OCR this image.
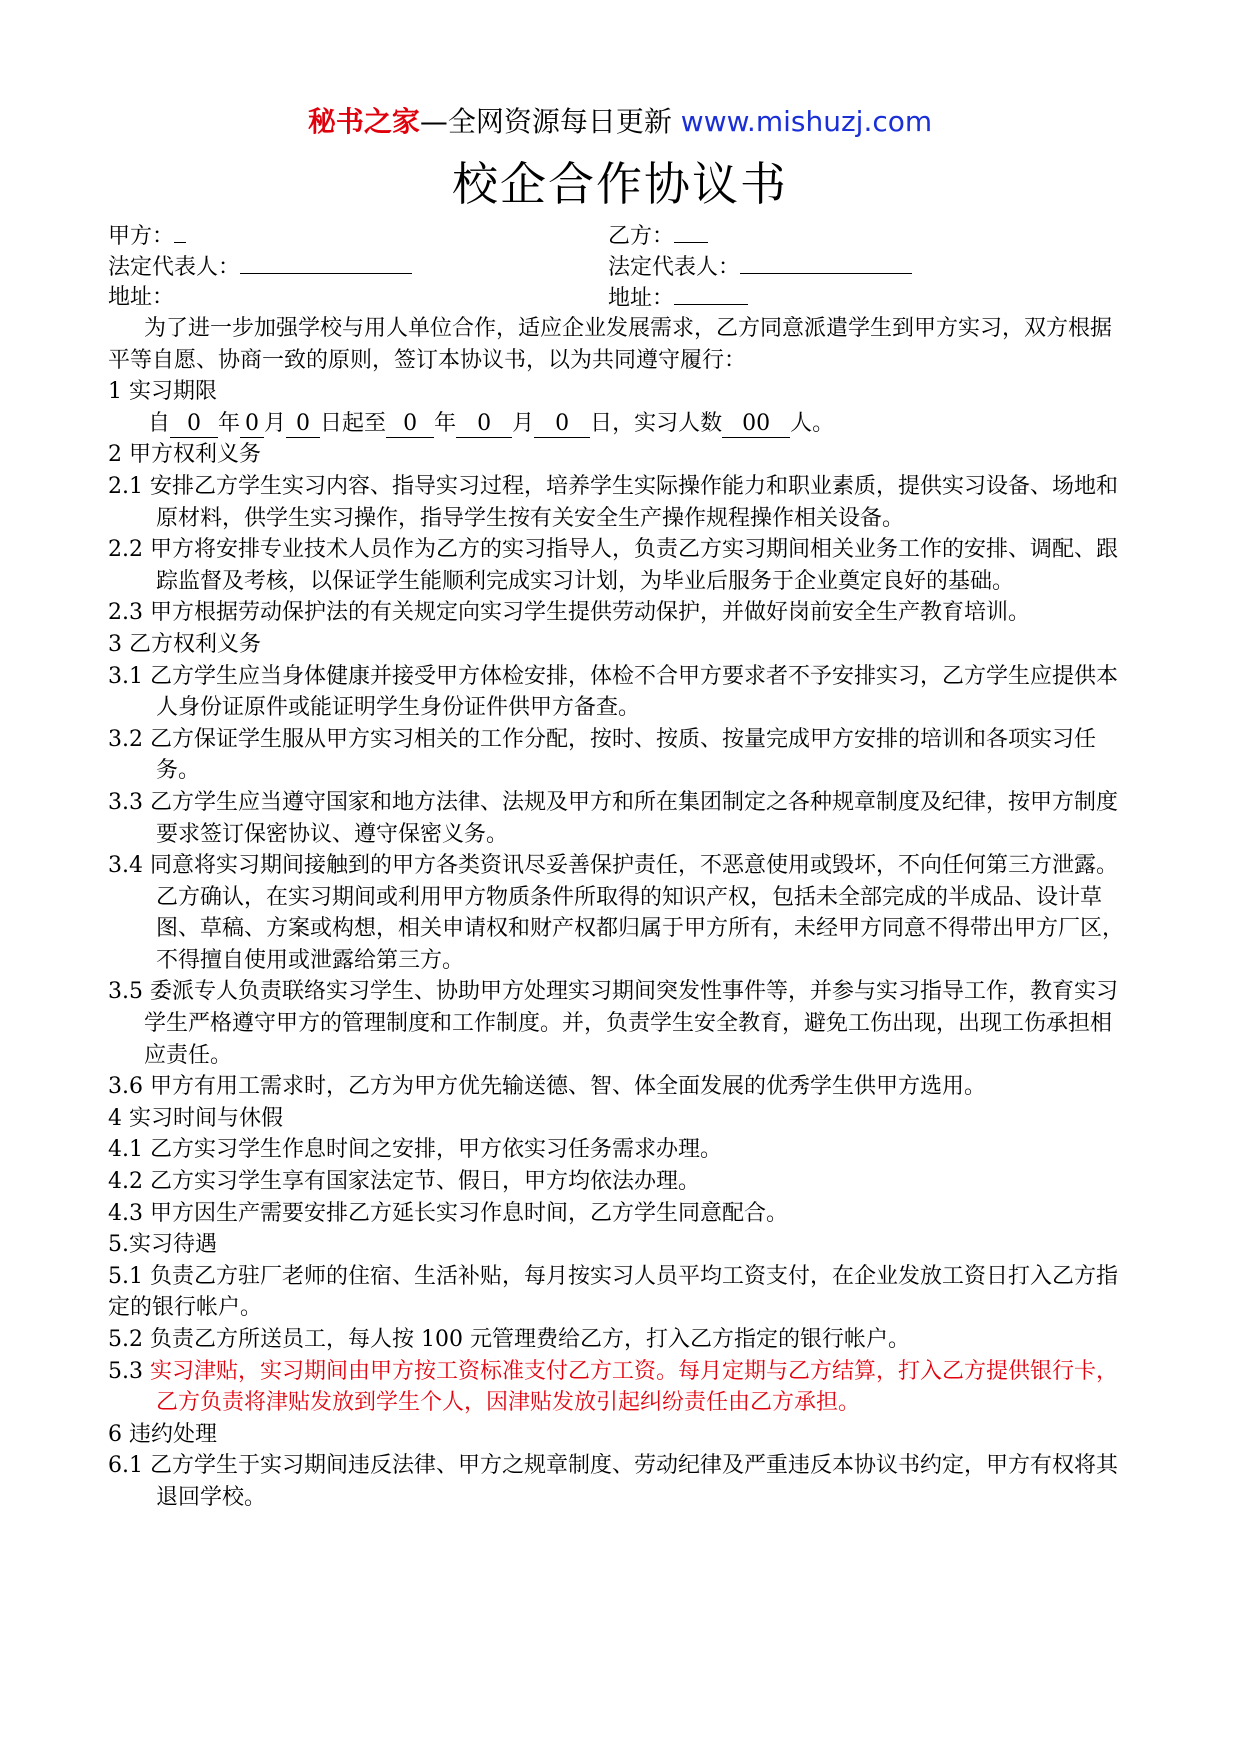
秘书之家—全网资源每日更新 www.mishuzj.com
校企合作协议书
甲方：	乙方：
法定代表人：	法定代表人：
地址：	地址：
为了进一步加强学校与用人单位合作，适应企业发展需求，乙方同意派遣学生到甲方实习，双方根据平等自愿、协商一致的原则，签订本协议书，以为共同遵守履行：
1 实习期限
自 0 年 0 月 0 日起至 0 年 0 月 0 日，实习人数 00 人。
2 甲方权利义务
2.1 安排乙方学生实习内容、指导实习过程，培养学生实际操作能力和职业素质，提供实习设备、场地和原材料，供学生实习操作，指导学生按有关安全生产操作规程操作相关设备。
2.2 甲方将安排专业技术人员作为乙方的实习指导人，负责乙方实习期间相关业务工作的安排、调配、跟踪监督及考核，以保证学生能顺利完成实习计划，为毕业后服务于企业奠定良好的基础。
2.3 甲方根据劳动保护法的有关规定向实习学生提供劳动保护，并做好岗前安全生产教育培训。
3 乙方权利义务
3.1 乙方学生应当身体健康并接受甲方体检安排，体检不合甲方要求者不予安排实习，乙方学生应提供本人身份证原件或能证明学生身份证件供甲方备查。
3.2 乙方保证学生服从甲方实习相关的工作分配，按时、按质、按量完成甲方安排的培训和各项实习任务。
3.3 乙方学生应当遵守国家和地方法律、法规及甲方和所在集团制定之各种规章制度及纪律，按甲方制度要求签订保密协议、遵守保密义务。
3.4 同意将实习期间接触到的甲方各类资讯尽妥善保护责任，不恶意使用或毁坏，不向任何第三方泄露。乙方确认，在实习期间或利用甲方物质条件所取得的知识产权，包括未全部完成的半成品、设计草图、草稿、方案或构想，相关申请权和财产权都归属于甲方所有，未经甲方同意不得带出甲方厂区，不得擅自使用或泄露给第三方。
3.5 委派专人负责联络实习学生、协助甲方处理实习期间突发性事件等，并参与实习指导工作，教育实习学生严格遵守甲方的管理制度和工作制度。并，负责学生安全教育，避免工伤出现，出现工伤承担相应责任。
3.6 甲方有用工需求时，乙方为甲方优先输送德、智、体全面发展的优秀学生供甲方选用。
4 实习时间与休假
4.1 乙方实习学生作息时间之安排，甲方依实习任务需求办理。
4.2 乙方实习学生享有国家法定节、假日，甲方均依法办理。
4.3 甲方因生产需要安排乙方延长实习作息时间，乙方学生同意配合。
5.实习待遇
5.1 负责乙方驻厂老师的住宿、生活补贴，每月按实习人员平均工资支付，在企业发放工资日打入乙方指定的银行帐户。
5.2 负责乙方所送员工，每人按 100 元管理费给乙方，打入乙方指定的银行帐户。
5.3 实习津贴，实习期间由甲方按工资标准支付乙方工资。每月定期与乙方结算，打入乙方提供银行卡，乙方负责将津贴发放到学生个人，因津贴发放引起纠纷责任由乙方承担。
6 违约处理
6.1 乙方学生于实习期间违反法律、甲方之规章制度、劳动纪律及严重违反本协议书约定，甲方有权将其退回学校。
